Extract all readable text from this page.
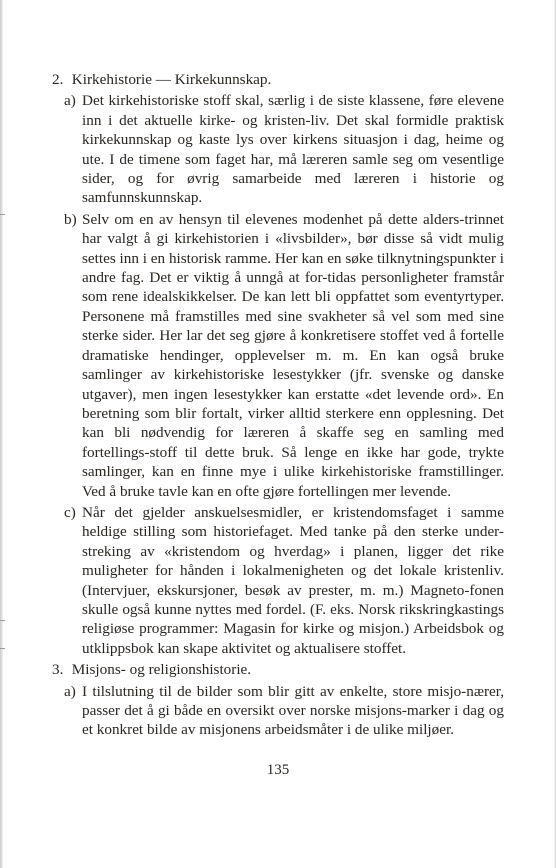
2. Kirkehistorie — Kirkekunnskap.
a) Det kirkehistoriske stoff skal, særlig i de siste klassene, føre elevene inn i det aktuelle kirke- og kristen-liv. Det skal formidle praktisk kirkekunnskap og kaste lys over kirkens situasjon i dag, heime og ute. I de timene som faget har, må læreren samle seg om vesentlige sider, og for øvrig samarbeide med læreren i historie og samfunnskunnskap.

b) Selv om en av hensyn til elevenes modenhet på dette alders-trinnet har valgt å gi kirkehistorien i «livsbilder», bør disse så vidt mulig settes inn i en historisk ramme. Her kan en søke tilknytningspunkter i andre fag. Det er viktig å unngå at for-tidas personligheter framstår som rene idealskikkelser. De kan lett bli oppfattet som eventyrtyper. Personene må framstilles med sine svakheter så vel som med sine sterke sider. Her lar det seg gjøre å konkretisere stoffet ved å fortelle dramatiske hendinger, opplevelser m. m. En kan også bruke samlinger av kirkehistoriske lesestykker (jfr. svenske og danske utgaver), men ingen lesestykker kan erstatte «det levende ord». En beretning som blir fortalt, virker alltid sterkere enn opplesning. Det kan bli nødvendig for læreren å skaffe seg en samling med fortellings-stoff til dette bruk. Så lenge en ikke har gode, trykte samlinger, kan en finne mye i ulike kirkehistoriske framstillinger. Ved å bruke tavle kan en ofte gjøre fortellingen mer levende.

c) Når det gjelder anskuelsesmidler, er kristendomsfaget i samme heldige stilling som historiefaget. Med tanke på den sterke under-streking av «kristendom og hverdag» i planen, ligger det rike muligheter for hånden i lokalmenigheten og det lokale kristenliv. (Intervjuer, ekskursjoner, besøk av prester, m. m.) Magneto-fonen skulle også kunne nyttes med fordel. (F. eks. Norsk rikskringkastings religiøse programmer: Magasin for kirke og misjon.) Arbeidsbok og utklippsbok kan skape aktivitet og aktualisere stoffet.

3. Misjons- og religionshistorie.
a) I tilslutning til de bilder som blir gitt av enkelte, store misjo-nærer, passer det å gi både en oversikt over norske misjons-marker i dag og et konkret bilde av misjonens arbeidsmåter i de ulike miljøer.

135
